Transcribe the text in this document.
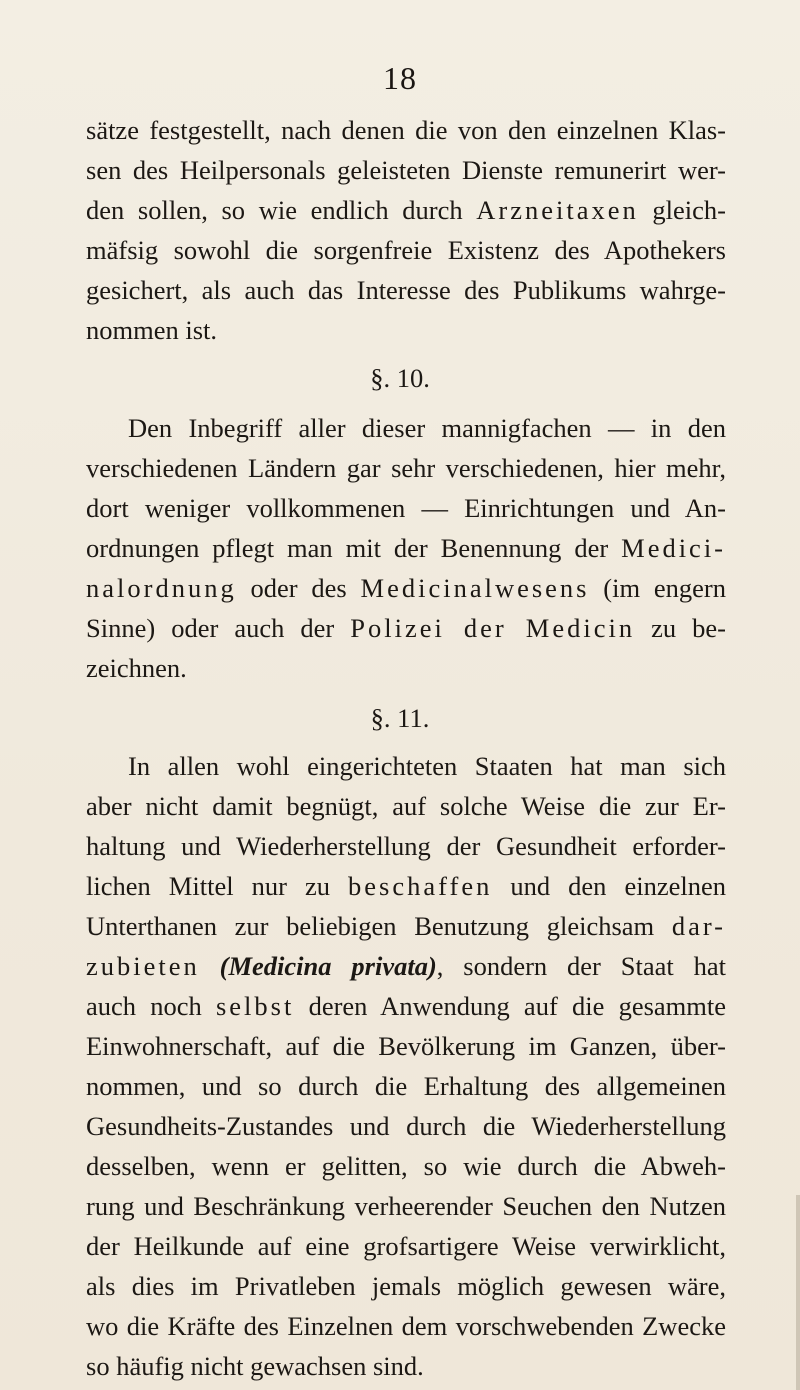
18
sätze festgestellt, nach denen die von den einzelnen Klas-
sen des Heilpersonals geleisteten Dienste remunerirt wer-
den sollen, so wie endlich durch Arzneitaxen gleich-
mäfsig sowohl die sorgenfreie Existenz des Apothekers
gesichert, als auch das Interesse des Publikums wahrge-
nommen ist.
§. 10.
Den Inbegriff aller dieser mannigfachen — in den
verschiedenen Ländern gar sehr verschiedenen, hier mehr,
dort weniger vollkommenen — Einrichtungen und An-
ordnungen pflegt man mit der Benennung der Medici-
nalordnung oder des Medicinalwesens (im engern
Sinne) oder auch der Polizei der Medicin zu be-
zeichnen.
§. 11.
In allen wohl eingerichteten Staaten hat man sich
aber nicht damit begnügt, auf solche Weise die zur Er-
haltung und Wiederherstellung der Gesundheit erforder-
lichen Mittel nur zu beschaffen und den einzelnen
Unterthanen zur beliebigen Benutzung gleichsam dar-
zubieten (Medicina privata), sondern der Staat hat
auch noch selbst deren Anwendung auf die gesammte
Einwohnerschaft, auf die Bevölkerung im Ganzen, über-
nommen, und so durch die Erhaltung des allgemeinen
Gesundheits-Zustandes und durch die Wiederherstellung
desselben, wenn er gelitten, so wie durch die Abweh-
rung und Beschränkung verheerender Seuchen den Nutzen
der Heilkunde auf eine grofsartigere Weise verwirklicht,
als dies im Privatleben jemals möglich gewesen wäre,
wo die Kräfte des Einzelnen dem vorschwebenden Zwecke
so häufig nicht gewachsen sind.
